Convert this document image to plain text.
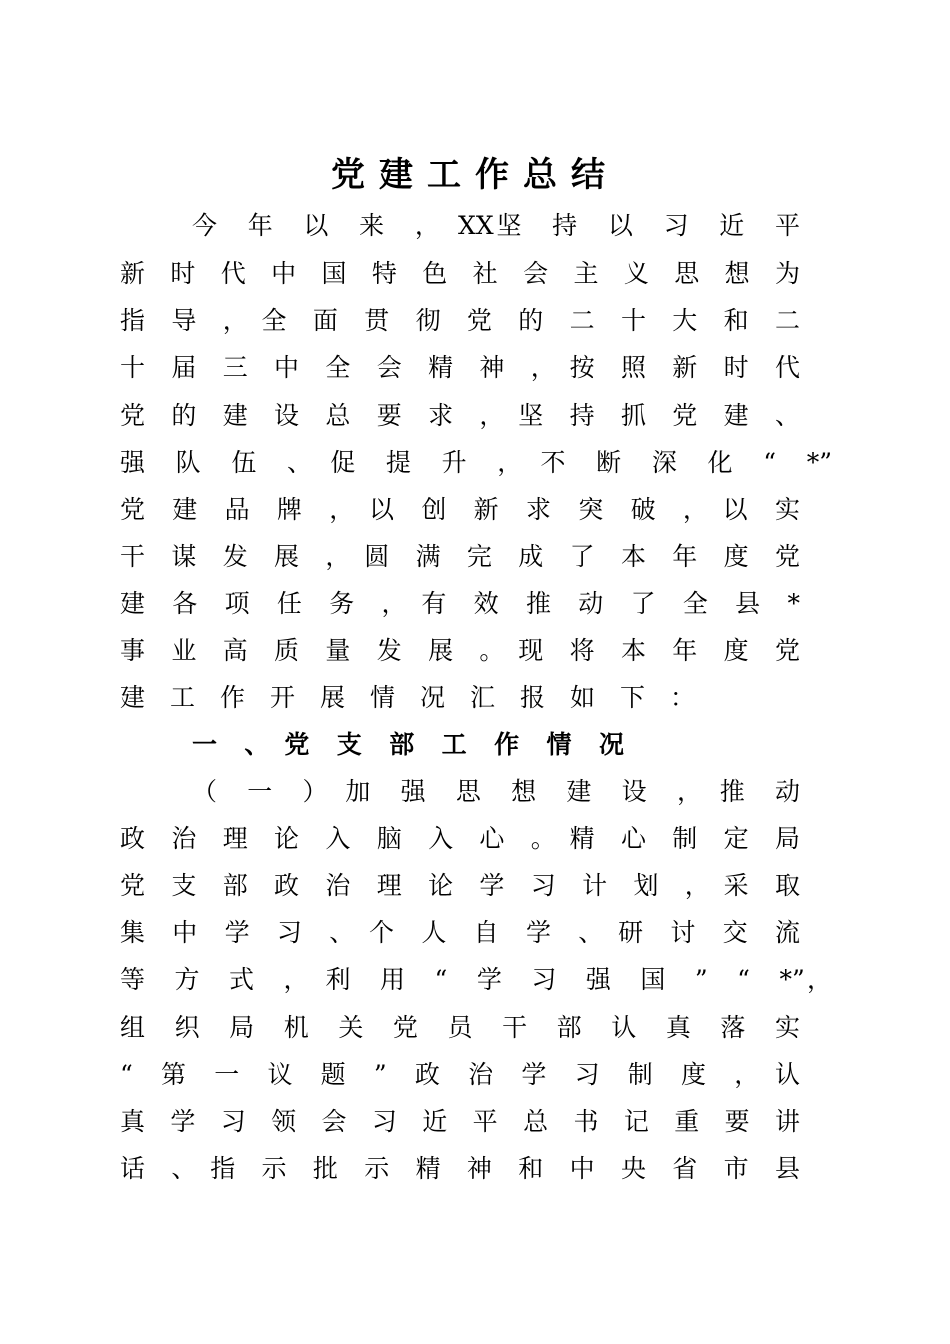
党建工作总结
今　年　以　来　，　XX坚　持　以　习　近　平
新　时　代　中　国　特　色　社　会　主　义　思　想　为
指　导　，　全　面　贯　彻　党　的　二　十　大　和　二
十　届　三　中　全　会　精　神　，　按　照　新　时　代
党　的　建　设　总　要　求　，　坚　持　抓　党　建　、
强　队　伍　、　促　提　升　，　不　断　深　化　“　*”
党　建　品　牌　，　以　创　新　求　突　破　，　以　实
干　谋　发　展　，　圆　满　完　成　了　本　年　度　党
建　各　项　任　务　，　有　效　推　动　了　全　县　*
事　业　高　质　量　发　展　。　现　将　本　年　度　党
建　工　作　开　展　情　况　汇　报　如　下　：
一　、　党　支　部　工　作　情　况
（　一　）　加　强　思　想　建　设　，　推　动
政　治　理　论　入　脑　入　心　。　精　心　制　定　局
党　支　部　政　治　理　论　学　习　计　划　，　采　取
集　中　学　习　、　个　人　自　学　、　研　讨　交　流
等　方　式　，　利　用　“　学　习　强　国　”　“　*”，
组　织　局　机　关　党　员　干　部　认　真　落　实
“　第　一　议　题　”　政　治　学　习　制　度　，　认
真　学　习　领　会　习　近　平　总　书　记　重　要　讲
话　、　指　示　批　示　精　神　和　中　央　省　市　县
